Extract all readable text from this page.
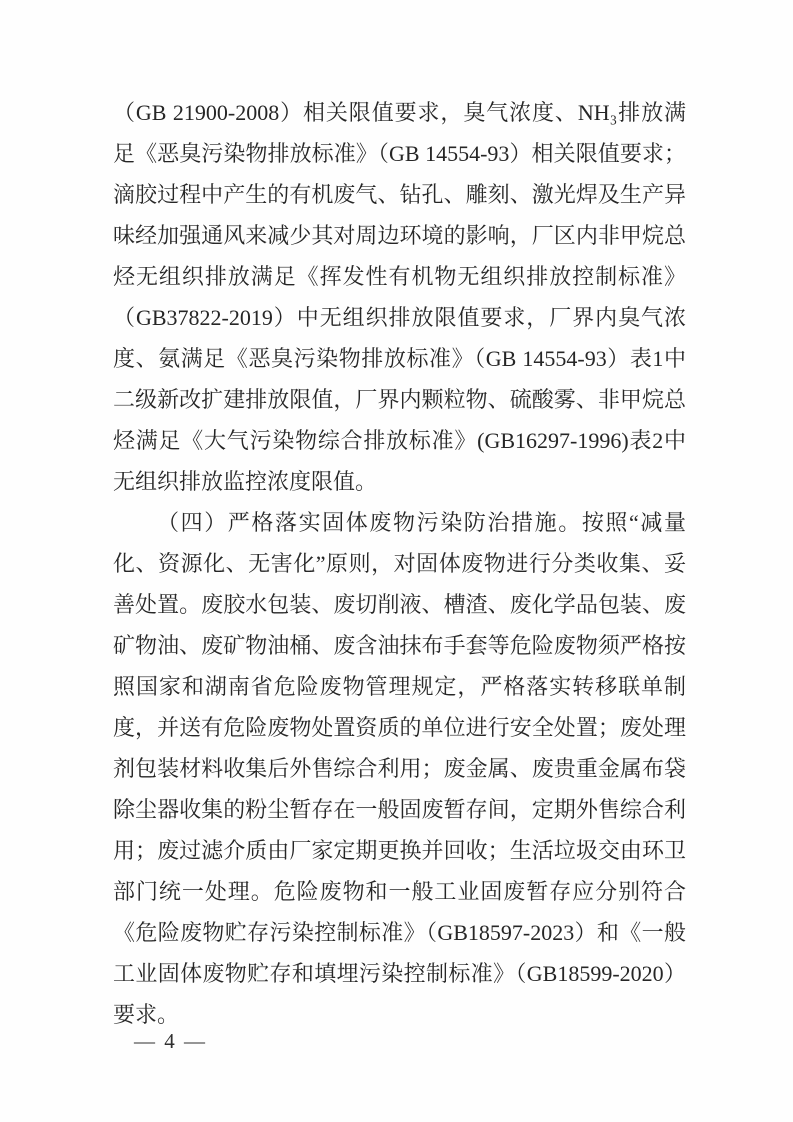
（GB 21900-2008）相关限值要求，臭气浓度、NH₃排放满足《恶臭污染物排放标准》（GB 14554-93）相关限值要求；滴胶过程中产生的有机废气、钻孔、雕刻、激光焊及生产异味经加强通风来减少其对周边环境的影响，厂区内非甲烷总烃无组织排放满足《挥发性有机物无组织排放控制标准》（GB37822-2019）中无组织排放限值要求，厂界内臭气浓度、氨满足《恶臭污染物排放标准》（GB 14554-93）表1中二级新改扩建排放限值，厂界内颗粒物、硫酸雾、非甲烷总烃满足《大气污染物综合排放标准》(GB16297-1996)表2中无组织排放监控浓度限值。

（四）严格落实固体废物污染防治措施。按照“减量化、资源化、无害化”原则，对固体废物进行分类收集、妥善处置。废胶水包装、废切削液、槽渣、废化学品包装、废矿物油、废矿物油桶、废含油抹布手套等危险废物须严格按照国家和湖南省危险废物管理规定，严格落实转移联单制度，并送有危险废物处置资质的单位进行安全处置；废处理剂包装材料收集后外售综合利用；废金属、废贵重金属布袋除尘器收集的粉尘暂存在一般固废暂存间，定期外售综合利用；废过滤介质由厂家定期更换并回收；生活垃圾交由环卫部门统一处理。危险废物和一般工业固废暂存应分别符合《危险废物贮存污染控制标准》（GB18597-2023）和《一般工业固体废物贮存和填埋污染控制标准》（GB18599-2020）要求。

— 4 —
